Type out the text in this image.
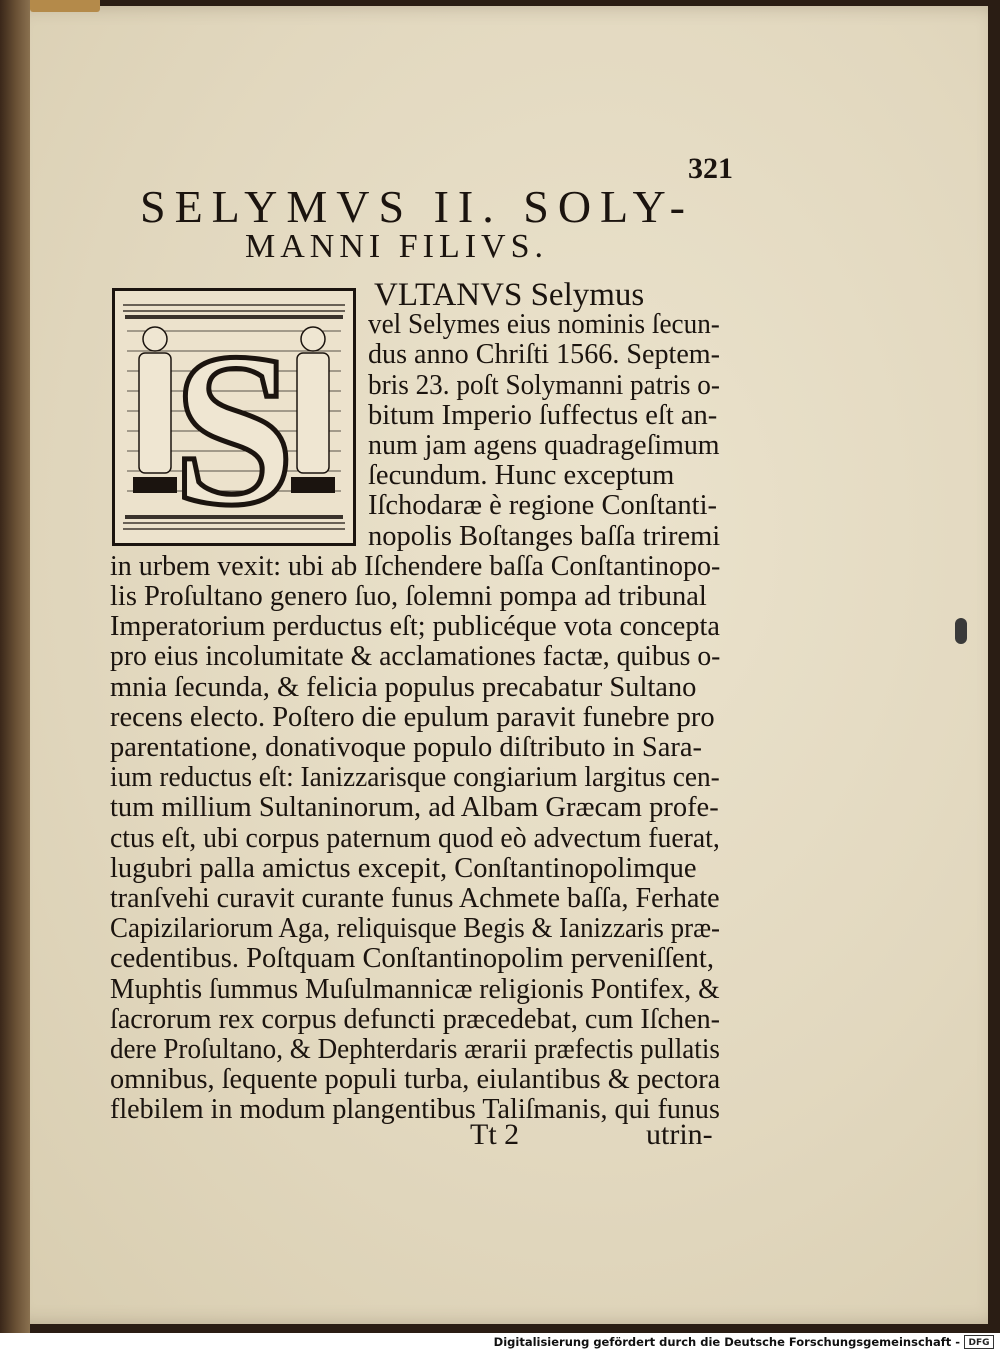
321
SELYMVS II. SOLY-
MANNI FILIVS.
S
VLTANVS Selymus
vel Selymes eius nominis ſecun-
dus anno Chriſti 1566. Septem-
bris 23. poſt Solymanni patris o-
bitum Imperio ſuffectus eſt an-
num jam agens quadrageſimum
ſecundum. Hunc exceptum
Iſchodaræ è regione Conſtanti-
nopolis Boſtanges baſſa triremi
in urbem vexit: ubi ab Iſchendere baſſa Conſtantinopo-
lis Proſultano genero ſuo, ſolemni pompa ad tribunal
Imperatorium perductus eſt; publicéque vota concepta
pro eius incolumitate & acclamationes factæ, quibus o-
mnia ſecunda, & felicia populus precabatur Sultano
recens electo. Poſtero die epulum paravit funebre pro
parentatione, donativoque populo diſtributo in Sara-
ium reductus eſt: Ianizzarisque congiarium largitus cen-
tum millium Sultaninorum, ad Albam Græcam profe-
ctus eſt, ubi corpus paternum quod eò advectum fuerat,
lugubri palla amictus excepit, Conſtantinopolimque
tranſvehi curavit curante funus Achmete baſſa, Ferhate
Capizilariorum Aga, reliquisque Begis & Ianizzaris præ-
cedentibus. Poſtquam Conſtantinopolim perveniſſent,
Muphtis ſummus Muſulmannicæ religionis Pontifex, &
ſacrorum rex corpus defuncti præcedebat, cum Iſchen-
dere Proſultano, & Dephterdaris ærarii præfectis pullatis
omnibus, ſequente populi turba, eiulantibus & pectora
flebilem in modum plangentibus Taliſmanis, qui funus
Tt 2	utrin-
Digitalisierung gefördert durch die Deutsche Forschungsgemeinschaft - DFG
